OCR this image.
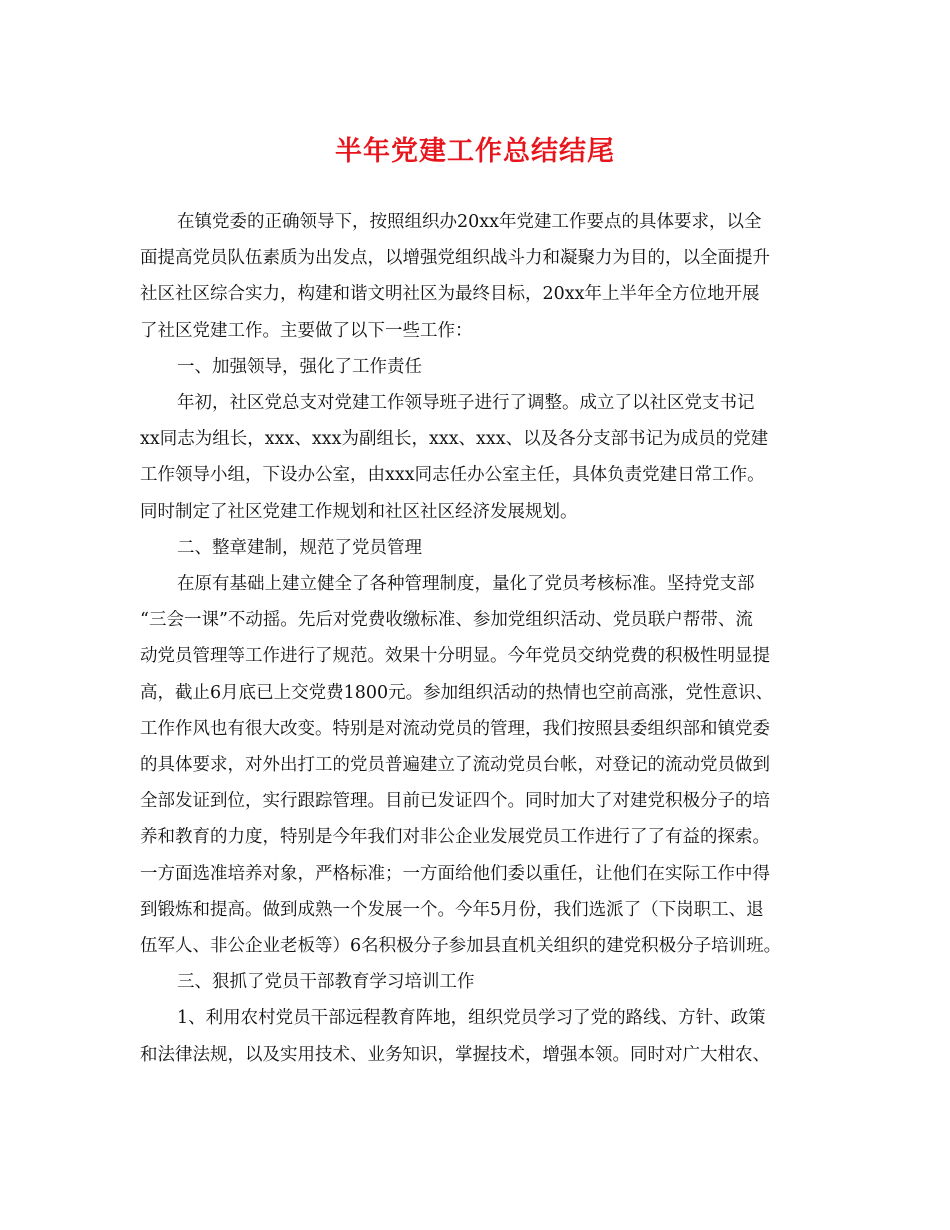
半年党建工作总结结尾

在镇党委的正确领导下，按照组织办20xx年党建工作要点的具体要求，以全
面提高党员队伍素质为出发点，以增强党组织战斗力和凝聚力为目的，以全面提升
社区社区综合实力，构建和谐文明社区为最终目标，20xx年上半年全方位地开展
了社区党建工作。主要做了以下一些工作：

一、加强领导，强化了工作责任

年初，社区党总支对党建工作领导班子进行了调整。成立了以社区党支书记
xx同志为组长，xxx、xxx为副组长，xxx、xxx、以及各分支部书记为成员的党建
工作领导小组，下设办公室，由xxx同志任办公室主任，具体负责党建日常工作。
同时制定了社区党建工作规划和社区社区经济发展规划。

二、整章建制，规范了党员管理

在原有基础上建立健全了各种管理制度，量化了党员考核标准。坚持党支部
“三会一课”不动摇。先后对党费收缴标准、参加党组织活动、党员联户帮带、流
动党员管理等工作进行了规范。效果十分明显。今年党员交纳党费的积极性明显提
高，截止6月底已上交党费1800元。参加组织活动的热情也空前高涨，党性意识、
工作作风也有很大改变。特别是对流动党员的管理，我们按照县委组织部和镇党委
的具体要求，对外出打工的党员普遍建立了流动党员台帐，对登记的流动党员做到
全部发证到位，实行跟踪管理。目前已发证四个。同时加大了对建党积极分子的培
养和教育的力度，特别是今年我们对非公企业发展党员工作进行了了有益的探索。
一方面选准培养对象，严格标准；一方面给他们委以重任，让他们在实际工作中得
到锻炼和提高。做到成熟一个发展一个。今年5月份，我们选派了（下岗职工、退
伍军人、非公企业老板等）6名积极分子参加县直机关组织的建党积极分子培训班。

三、狠抓了党员干部教育学习培训工作

1、利用农村党员干部远程教育阵地，组织党员学习了党的路线、方针、政策
和法律法规，以及实用技术、业务知识，掌握技术，增强本领。同时对广大柑农、
